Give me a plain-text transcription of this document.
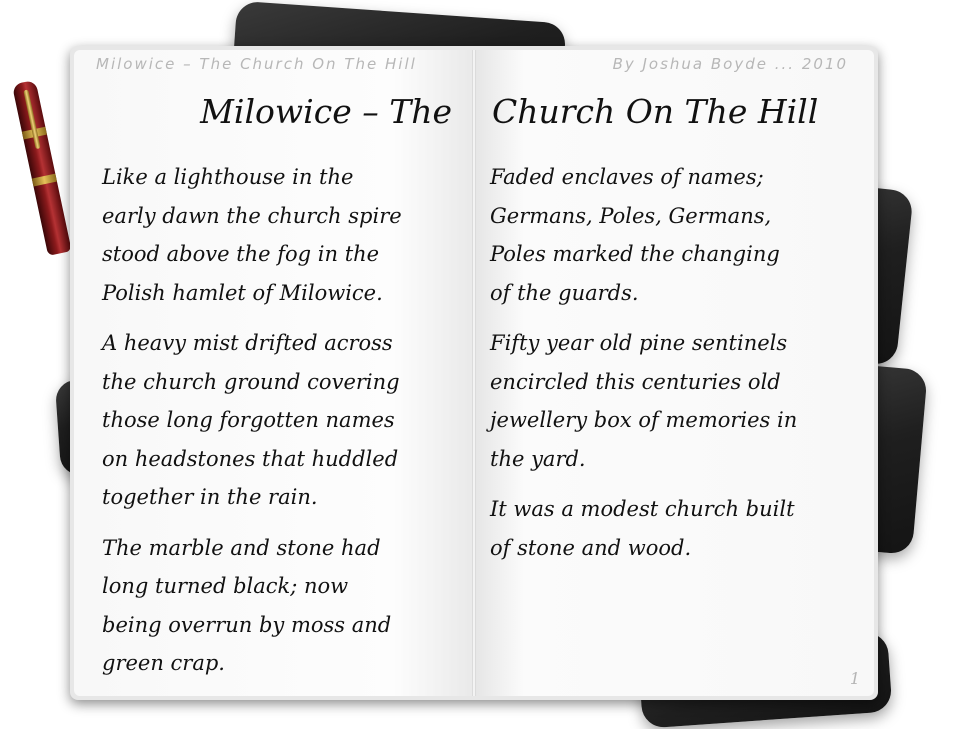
Milowice – The Church On The Hill
Milowice – The

Like a lighthouse in the
early dawn the church spire
stood above the fog in the
Polish hamlet of Milowice.

A heavy mist drifted across
the church ground covering
those long forgotten names
on headstones that huddled
together in the rain.

The marble and stone had
long turned black; now
being overrun by moss and
green crap.

By Joshua Boyde ... 2010
Church On The Hill

Faded enclaves of names;
Germans, Poles, Germans,
Poles marked the changing
of the guards.

Fifty year old pine sentinels
encircled this centuries old
jewellery box of memories in
the yard.

It was a modest church built
of stone and wood.

1
